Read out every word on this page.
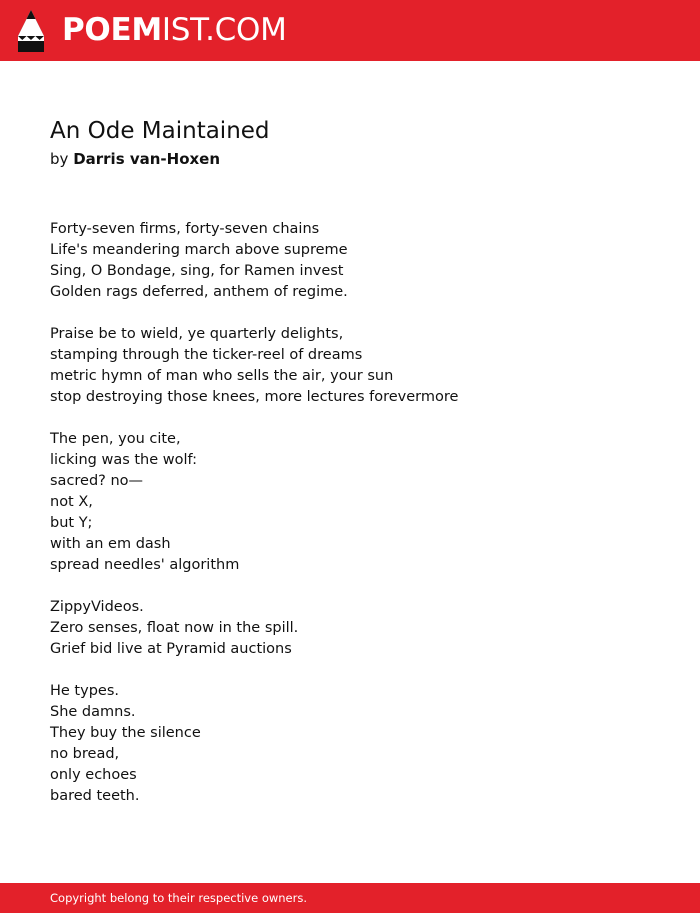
POEMIST.COM
An Ode Maintained
by Darris van-Hoxen
Forty-seven firms, forty-seven chains
Life's meandering march above supreme
Sing, O Bondage, sing, for Ramen invest
Golden rags deferred, anthem of regime.
Praise be to wield, ye quarterly delights,
stamping through the ticker-reel of dreams
metric hymn of man who sells the air, your sun
stop destroying those knees, more lectures forevermore
The pen, you cite,
licking was the wolf:
sacred? no—
not X,
but Y;
with an em dash
spread needles' algorithm
ZippyVideos.
Zero senses, float now in the spill.
Grief bid live at Pyramid auctions
He types.
She damns.
They buy the silence
no bread,
only echoes
bared teeth.
Copyright belong to their respective owners.
